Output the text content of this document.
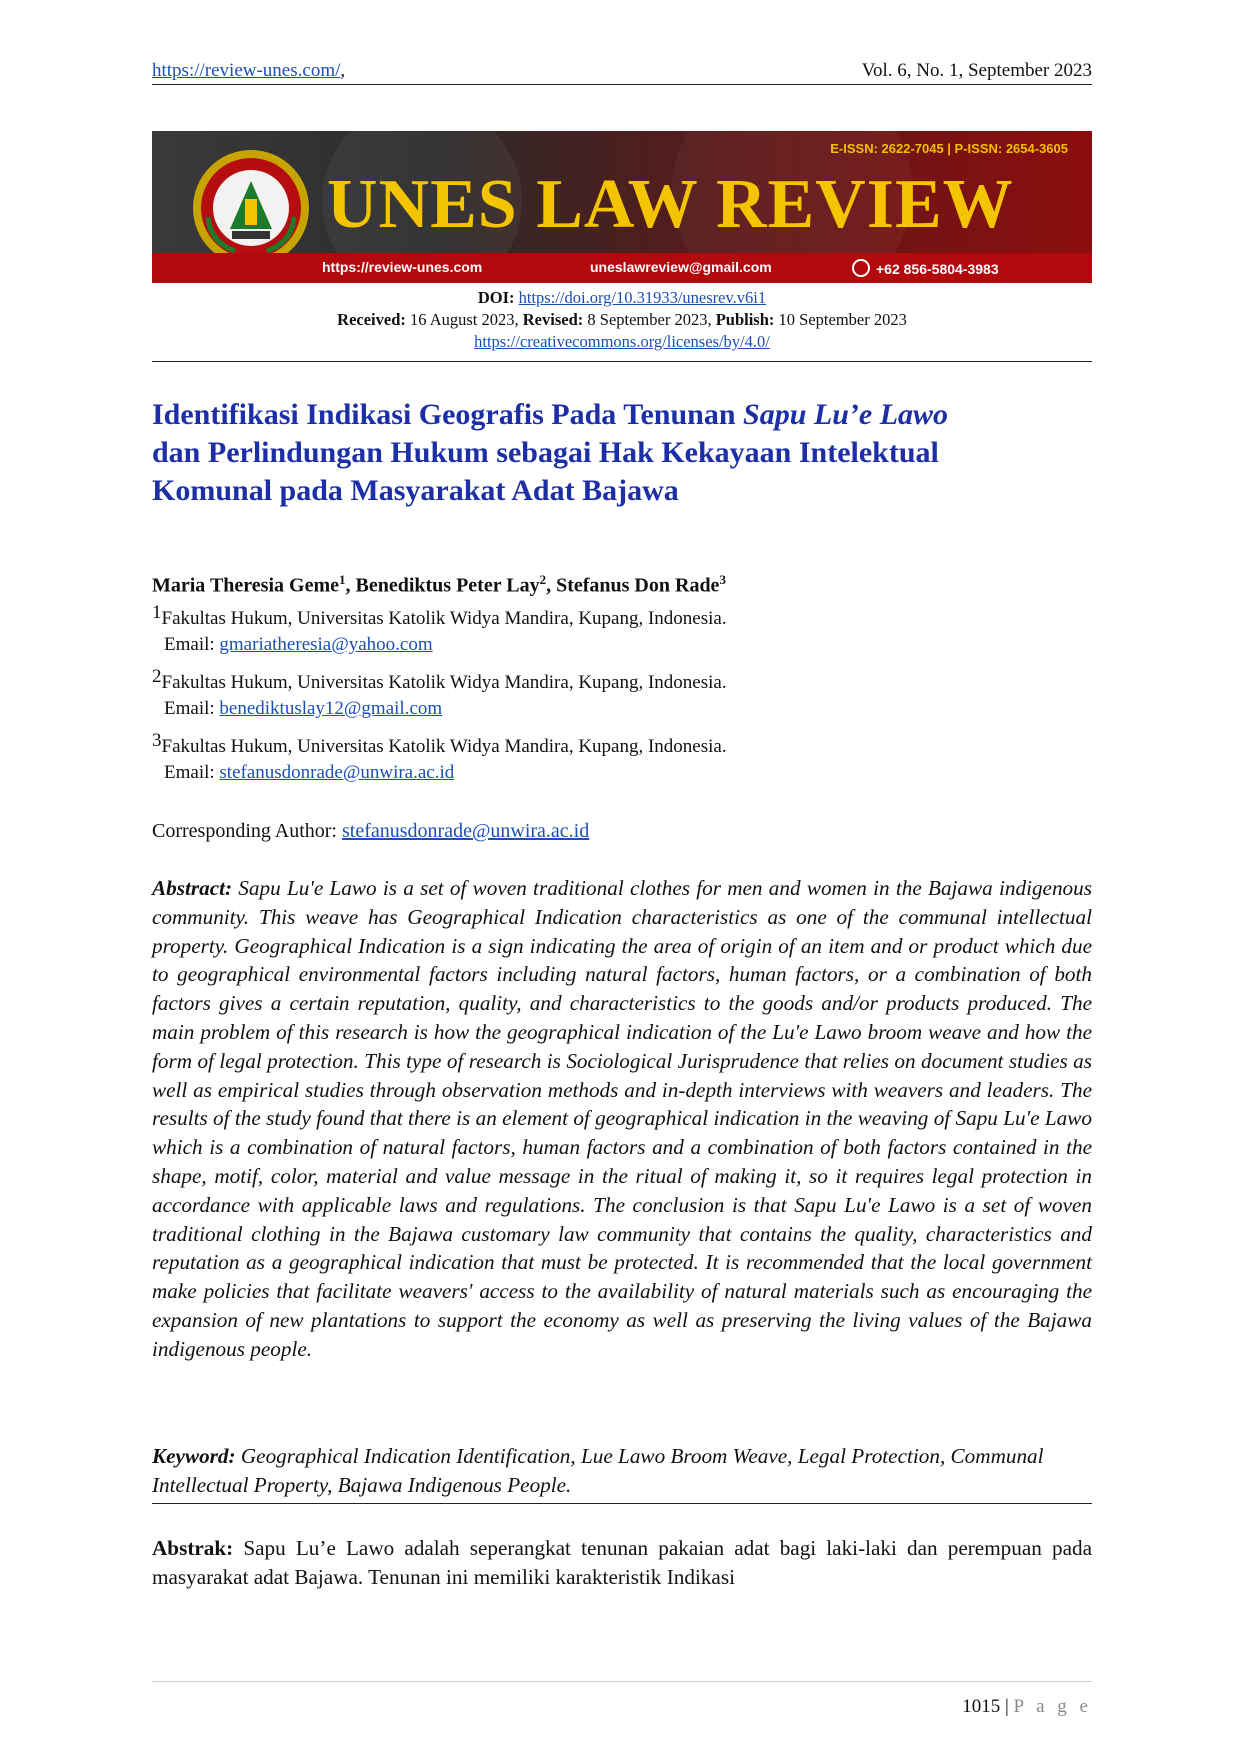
https://review-unes.com/,	Vol. 6, No. 1, September 2023
E-ISSN: 2622-7045 | P-ISSN: 2654-3605
UNES LAW REVIEW
https://review-unes.com	uneslawreview@gmail.com	+62 856-5804-3983
DOI: https://doi.org/10.31933/unesrev.v6i1
Received: 16 August 2023, Revised: 8 September 2023, Publish: 10 September 2023
https://creativecommons.org/licenses/by/4.0/
Identifikasi Indikasi Geografis Pada Tenunan Sapu Lu’e Lawo
dan Perlindungan Hukum sebagai Hak Kekayaan Intelektual
Komunal pada Masyarakat Adat Bajawa
Maria Theresia Geme$^1$, Benediktus Peter Lay$^2$, Stefanus Don Rade$^3$
1Fakultas Hukum, Universitas Katolik Widya Mandira, Kupang, Indonesia.
Email: gmariatheresia@yahoo.com
2Fakultas Hukum, Universitas Katolik Widya Mandira, Kupang, Indonesia.
Email: benediktuslay12@gmail.com
3Fakultas Hukum, Universitas Katolik Widya Mandira, Kupang, Indonesia.
Email: stefanusdonrade@unwira.ac.id
Corresponding Author: stefanusdonrade@unwira.ac.id
Abstract: Sapu Lu'e Lawo is a set of woven traditional clothes for men and women in the Bajawa indigenous community. This weave has Geographical Indication characteristics as one of the communal intellectual property. Geographical Indication is a sign indicating the area of origin of an item and or product which due to geographical environmental factors including natural factors, human factors, or a combination of both factors gives a certain reputation, quality, and characteristics to the goods and/or products produced. The main problem of this research is how the geographical indication of the Lu'e Lawo broom weave and how the form of legal protection. This type of research is Sociological Jurisprudence that relies on document studies as well as empirical studies through observation methods and in-depth interviews with weavers and leaders. The results of the study found that there is an element of geographical indication in the weaving of Sapu Lu'e Lawo which is a combination of natural factors, human factors and a combination of both factors contained in the shape, motif, color, material and value message in the ritual of making it, so it requires legal protection in accordance with applicable laws and regulations. The conclusion is that Sapu Lu'e Lawo is a set of woven traditional clothing in the Bajawa customary law community that contains the quality, characteristics and reputation as a geographical indication that must be protected. It is recommended that the local government make policies that facilitate weavers' access to the availability of natural materials such as encouraging the expansion of new plantations to support the economy as well as preserving the living values of the Bajawa indigenous people.
Keyword: Geographical Indication Identification, Lue Lawo Broom Weave, Legal Protection, Communal Intellectual Property, Bajawa Indigenous People.
Abstrak: Sapu Lu’e Lawo adalah seperangkat tenunan pakaian adat bagi laki-laki dan perempuan pada masyarakat adat Bajawa. Tenunan ini memiliki karakteristik Indikasi
1015 | P a g e
